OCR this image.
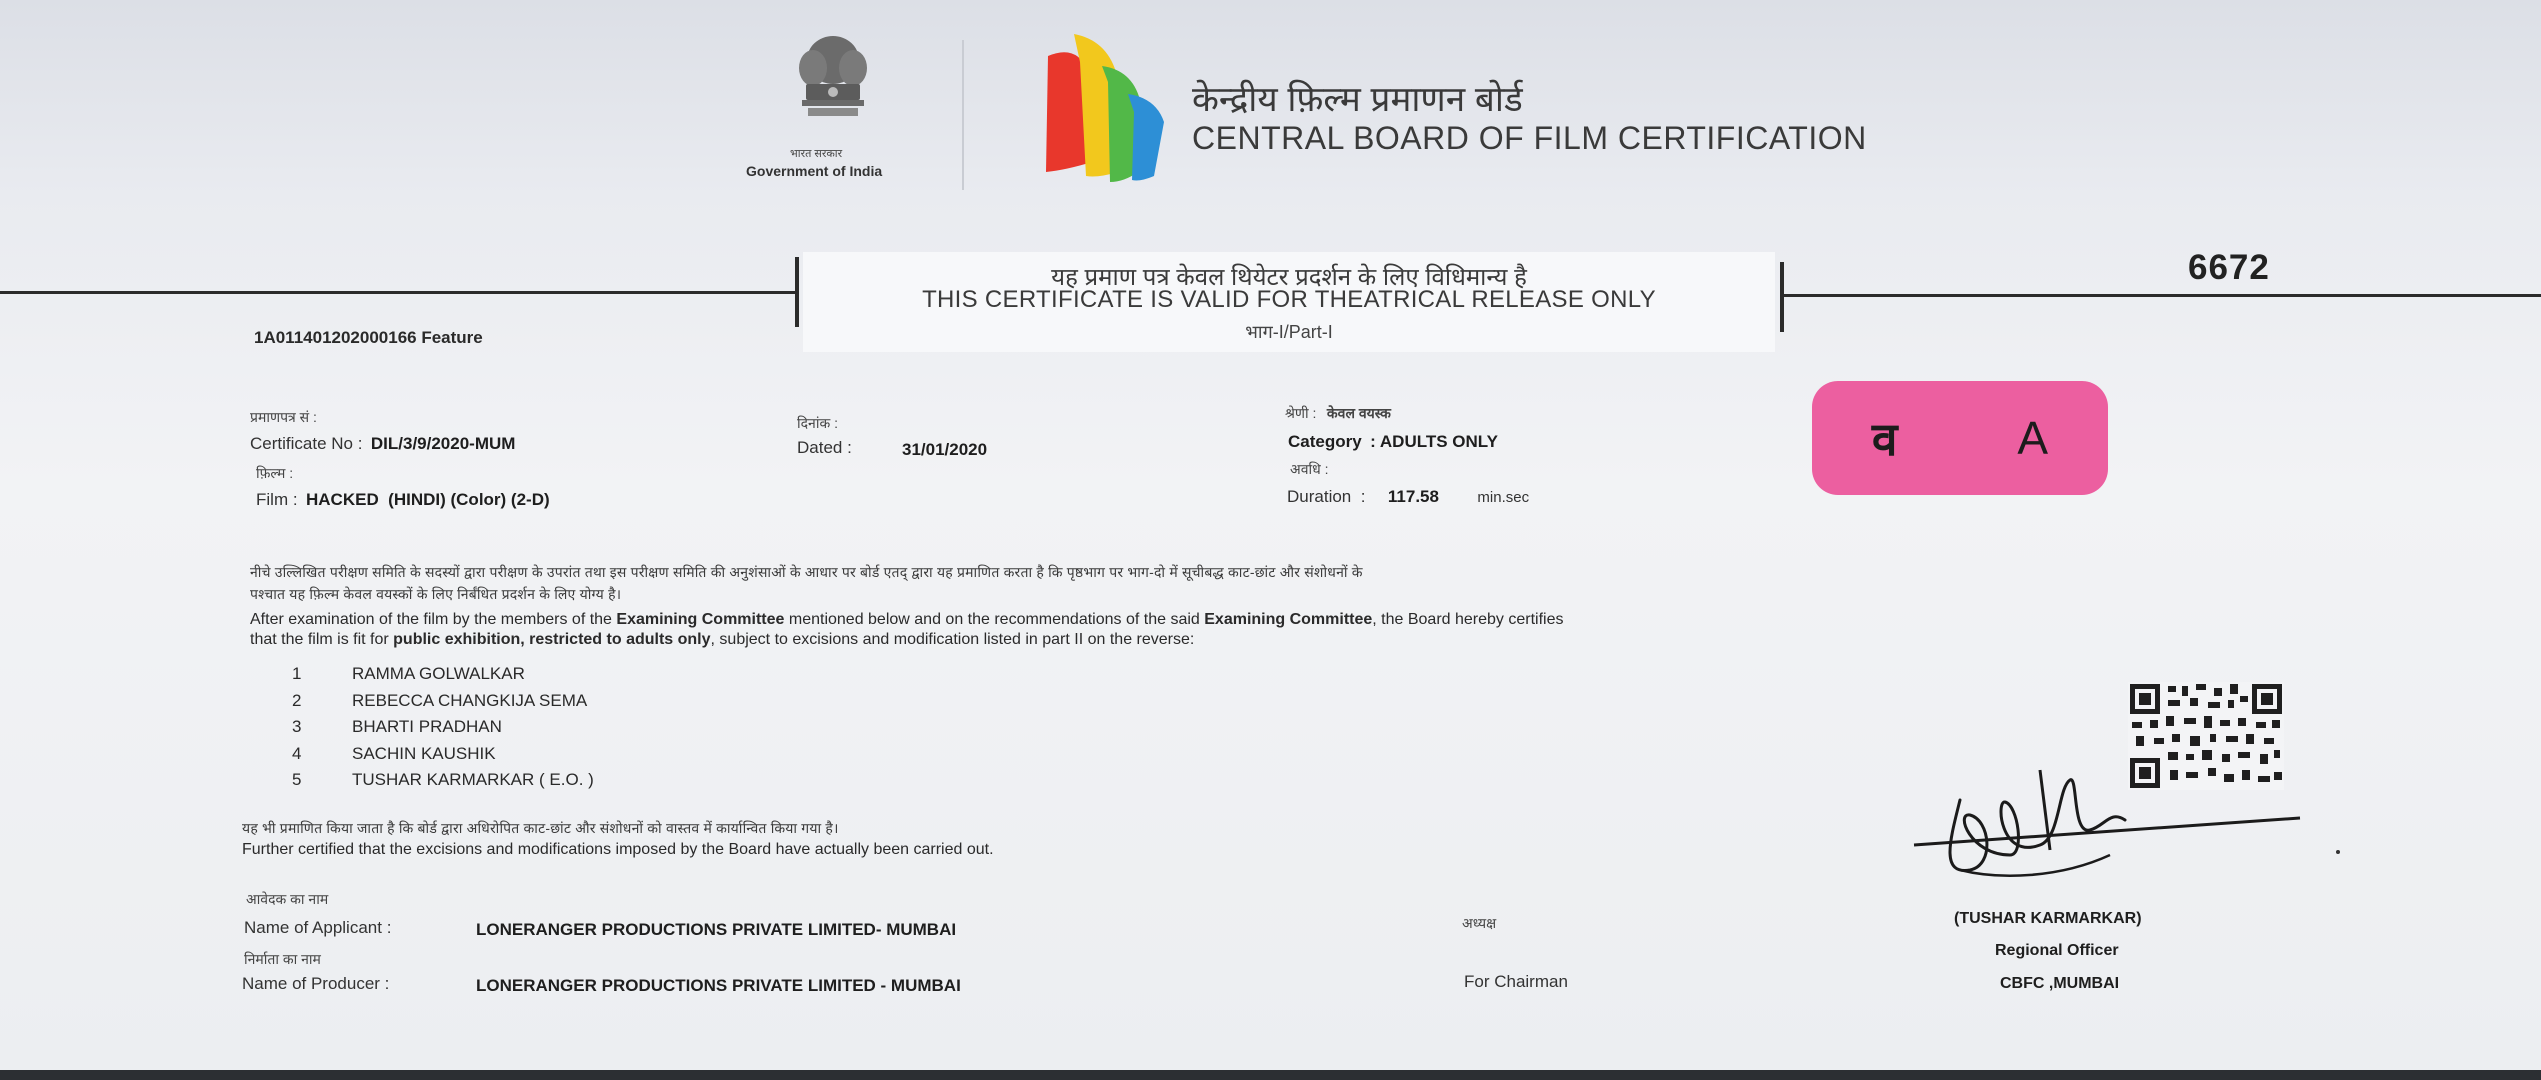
भारत सरकार
Government of India
केन्द्रीय फ़िल्म प्रमाणन बोर्ड
CENTRAL BOARD OF FILM CERTIFICATION
यह प्रमाण पत्र केवल थियेटर प्रदर्शन के लिए विधिमान्य है
THIS CERTIFICATE IS VALID FOR THEATRICAL RELEASE ONLY
भाग-I/Part-I
6672
1A011401202000166 Feature
प्रमाणपत्र सं :
Certificate No : DIL/3/9/2020-MUM
फ़िल्म :
Film : HACKED  (HINDI) (Color) (2-D)
दिनांक :
Dated :	31/01/2020
श्रेणी : केवल वयस्क
Category : ADULTS ONLY
अवधि :
Duration  : 117.58	min.sec
व	A
नीचे उल्लिखित परीक्षण समिति के सदस्यों द्वारा परीक्षण के उपरांत तथा इस परीक्षण समिति की अनुशंसाओं के आधार पर बोर्ड एतद् द्वारा यह प्रमाणित करता है कि पृष्ठभाग पर भाग-दो में सूचीबद्ध काट-छांट और संशोधनों के
पश्चात यह फ़िल्म केवल वयस्कों के लिए निर्बंधित प्रदर्शन के लिए योग्य है।
After examination of the film by the members of the Examining Committee mentioned below and on the recommendations of the said Examining Committee, the Board hereby certifies
that the film is fit for public exhibition, restricted to adults only, subject to excisions and modification listed in part II on the reverse:
1	RAMMA GOLWALKAR
2	REBECCA CHANGKIJA SEMA
3	BHARTI PRADHAN
4	SACHIN KAUSHIK
5	TUSHAR KARMARKAR ( E.O. )
यह भी प्रमाणित किया जाता है कि बोर्ड द्वारा अधिरोपित काट-छांट और संशोधनों को वास्तव में कार्यान्वित किया गया है।
Further certified that the excisions and modifications imposed by the Board have actually been carried out.
आवेदक का नाम
Name of Applicant :	LONERANGER PRODUCTIONS PRIVATE LIMITED- MUMBAI
निर्माता का नाम
Name of Producer :	LONERANGER PRODUCTIONS PRIVATE LIMITED - MUMBAI
अध्यक्ष
For Chairman
(TUSHAR KARMARKAR)
Regional Officer
CBFC ,MUMBAI
